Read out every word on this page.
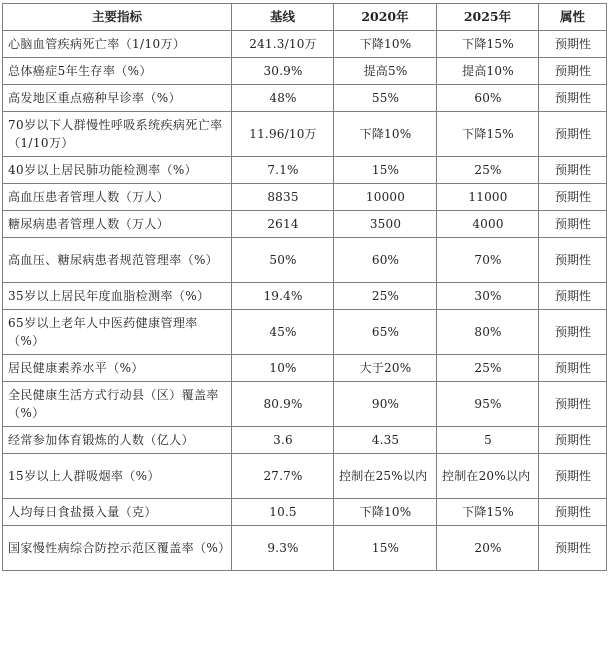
主要指标	基线	2020年	2025年	属性
心脑血管疾病死亡率（1/10万）	241.3/10万	下降10%	下降15%	预期性
总体癌症5年生存率（%）	30.9%	提高5%	提高10%	预期性
高发地区重点癌种早诊率（%）	48%	55%	60%	预期性
70岁以下人群慢性呼吸系统疾病死亡率（1/10万）	11.96/10万	下降10%	下降15%	预期性
40岁以上居民肺功能检测率（%）	7.1%	15%	25%	预期性
高血压患者管理人数（万人）	8835	10000	11000	预期性
糖尿病患者管理人数（万人）	2614	3500	4000	预期性
高血压、糖尿病患者规范管理率（%）	50%	60%	70%	预期性
35岁以上居民年度血脂检测率（%）	19.4%	25%	30%	预期性
65岁以上老年人中医药健康管理率（%）	45%	65%	80%	预期性
居民健康素养水平（%）	10%	大于20%	25%	预期性
全民健康生活方式行动县（区）覆盖率（%）	80.9%	90%	95%	预期性
经常参加体育锻炼的人数（亿人）	3.6	4.35	5	预期性
15岁以上人群吸烟率（%）	27.7%	控制在25%以内	控制在20%以内	预期性
人均每日食盐摄入量（克）	10.5	下降10%	下降15%	预期性
国家慢性病综合防控示范区覆盖率（%）	9.3%	15%	20%	预期性
